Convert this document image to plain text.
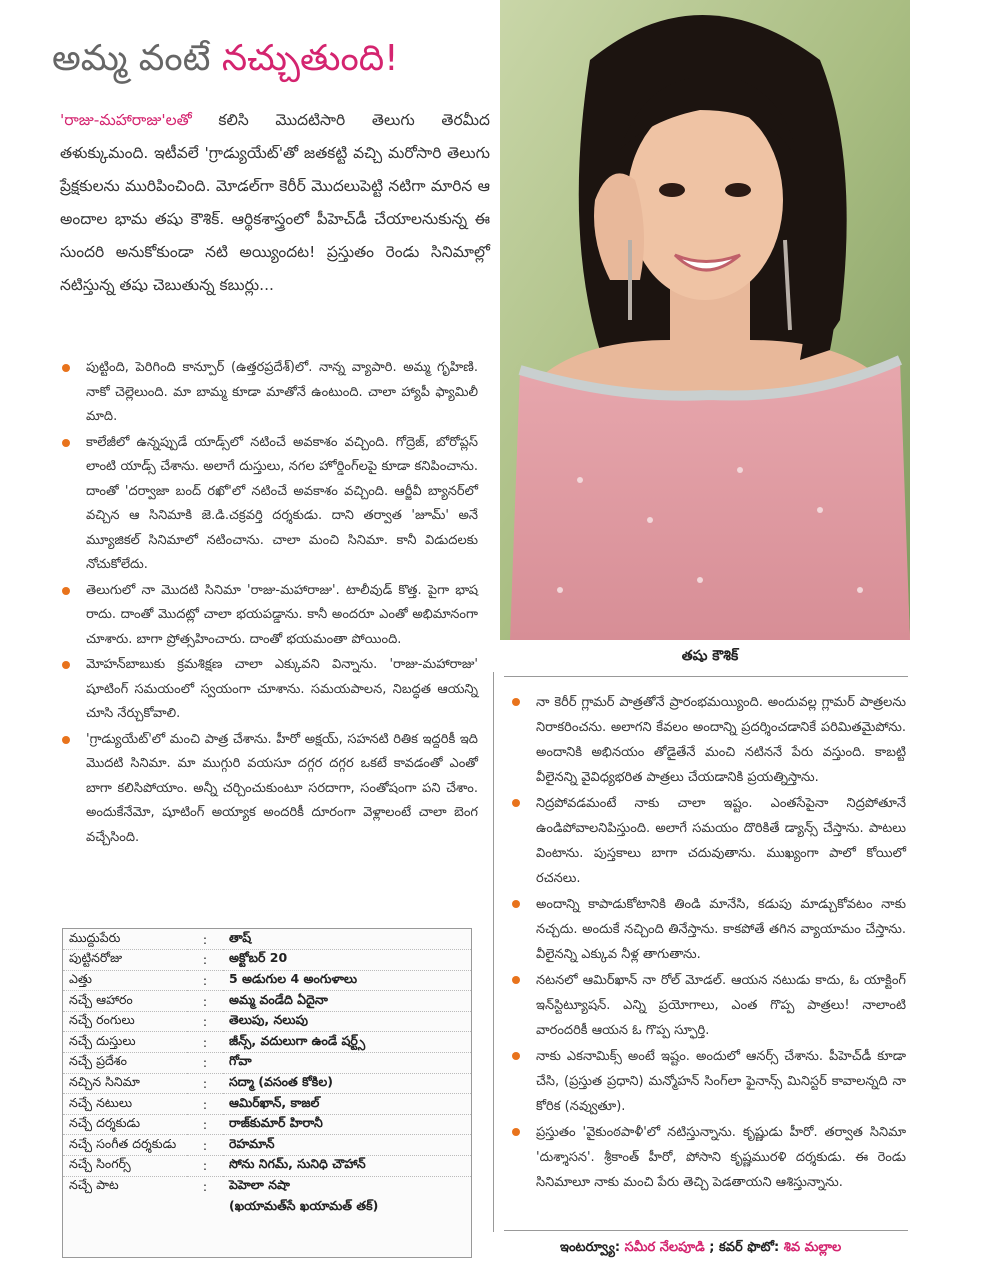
అమ్మ వంటే నచ్చుతుంది!

'రాజు-మహారాజు'లతో కలిసి మొదటిసారి తెలుగు తెరమీద తళుక్కుమంది. ఇటీవలే 'గ్రాడ్యుయేట్'తో జతకట్టి వచ్చి మరోసారి తెలుగు ప్రేక్షకులను మురిపించింది. మోడల్‌గా కెరీర్ మొదలుపెట్టి నటిగా మారిన ఆ అందాల భామ తషు కౌశిక్. ఆర్థికశాస్త్రంలో పీహెచ్‌డీ చేయాలనుకున్న ఈ సుందరి అనుకోకుండా నటి అయ్యిందట! ప్రస్తుతం రెండు సినిమాల్లో నటిస్తున్న తషు చెబుతున్న కబుర్లు...

తషు కౌశిక్
పుట్టింది, పెరిగింది కాన్పూర్ (ఉత్తరప్రదేశ్)లో. నాన్న వ్యాపారి. అమ్మ గృహిణి. నాకో చెల్లెలుంది. మా బామ్మ కూడా మాతోనే ఉంటుంది. చాలా హ్యాపీ ఫ్యామిలీ మాది.
కాలేజీలో ఉన్నప్పుడే యాడ్స్‌లో నటించే అవకాశం వచ్చింది. గోద్రెజ్, బోరోప్లస్ లాంటి యాడ్స్ చేశాను. అలాగే దుస్తులు, నగల హోర్డింగ్‌లపై కూడా కనిపించాను. దాంతో 'దర్వాజా బంద్ రఖో'లో నటించే అవకాశం వచ్చింది. ఆర్జీవీ బ్యానర్‌లో వచ్చిన ఆ సినిమాకి జె.డి.చక్రవర్తి దర్శకుడు. దాని తర్వాత 'జూమ్' అనే మ్యూజికల్ సినిమాలో నటించాను. చాలా మంచి సినిమా. కానీ విడుదలకు నోచుకోలేదు.
తెలుగులో నా మొదటి సినిమా 'రాజు-మహారాజు'. టాలీవుడ్ కొత్త. పైగా భాష రాదు. దాంతో మొదట్లో చాలా భయపడ్డాను. కానీ అందరూ ఎంతో అభిమానంగా చూశారు. బాగా ప్రోత్సహించారు. దాంతో భయమంతా పోయింది.
మోహన్‌బాబుకు క్రమశిక్షణ చాలా ఎక్కువని విన్నాను. 'రాజు-మహారాజు' షూటింగ్ సమయంలో స్వయంగా చూశాను. సమయపాలన, నిబద్ధత ఆయన్ని చూసి నేర్చుకోవాలి.
'గ్రాడ్యుయేట్'లో మంచి పాత్ర చేశాను. హీరో అక్షయ్, సహనటి రితిక ఇద్దరికీ ఇది మొదటి సినిమా. మా ముగ్గురి వయసూ దగ్గర దగ్గర ఒకటే కావడంతో ఎంతో బాగా కలిసిపోయాం. అన్నీ చర్చించుకుంటూ సరదాగా, సంతోషంగా పని చేశాం. అందుకేనేమో, షూటింగ్ అయ్యాక అందరికీ దూరంగా వెళ్లాలంటే చాలా బెంగ వచ్చేసింది.
నా కెరీర్ గ్లామర్ పాత్రతోనే ప్రారంభమయ్యింది. అందువల్ల గ్లామర్ పాత్రలను నిరాకరించను. అలాగని కేవలం అందాన్ని ప్రదర్శించడానికే పరిమితమైపోను. అందానికి అభినయం తోడైతేనే మంచి నటిననే పేరు వస్తుంది. కాబట్టి వీలైనన్ని వైవిధ్యభరిత పాత్రలు చేయడానికి ప్రయత్నిస్తాను.
నిద్రపోవడమంటే నాకు చాలా ఇష్టం. ఎంతసేపైనా నిద్రపోతూనే ఉండిపోవాలనిపిస్తుంది. అలాగే సమయం దొరికితే డ్యాన్స్ చేస్తాను. పాటలు వింటాను. పుస్తకాలు బాగా చదువుతాను. ముఖ్యంగా పాలో కోయిలో రచనలు.
అందాన్ని కాపాడుకోటానికి తిండి మానేసి, కడుపు మాడ్చుకోవటం నాకు నచ్చదు. అందుకే నచ్చింది తినేస్తాను. కాకపోతే తగిన వ్యాయామం చేస్తాను. వీలైనన్ని ఎక్కువ నీళ్ల తాగుతాను.
నటనలో ఆమిర్‌ఖాన్ నా రోల్ మోడల్. ఆయన నటుడు కాదు, ఓ యాక్టింగ్ ఇన్‌స్టిట్యూషన్. ఎన్ని ప్రయోగాలు, ఎంత గొప్ప పాత్రలు! నాలాంటి వారందరికీ ఆయన ఓ గొప్ప స్ఫూర్తి.
నాకు ఎకనామిక్స్ అంటే ఇష్టం. అందులో ఆనర్స్ చేశాను. పీహెచ్‌డీ కూడా చేసి, (ప్రస్తుత ప్రధాని) మన్మోహన్ సింగ్‌లా ఫైనాన్స్ మినిస్టర్ కావాలన్నది నా కోరిక (నవ్వుతూ).
ప్రస్తుతం 'వైకుంఠపాళీ'లో నటిస్తున్నాను. కృష్ణుడు హీరో. తర్వాత సినిమా 'దుశ్శాసన'. శ్రీకాంత్ హీరో, పోసాని కృష్ణమురళి దర్శకుడు. ఈ రెండు సినిమాలూ నాకు మంచి పేరు తెచ్చి పెడతాయని ఆశిస్తున్నాను.
ముద్దుపేరు	:	తాష్
పుట్టినరోజు	:	అక్టోబర్ 20
ఎత్తు	:	5 అడుగుల 4 అంగుళాలు
నచ్చే ఆహారం	:	అమ్మ వండేది ఏదైనా
నచ్చే రంగులు	:	తెలుపు, నలుపు
నచ్చే దుస్తులు	:	జీన్స్, వదులుగా ఉండే షర్ట్స్
నచ్చే ప్రదేశం	:	గోవా
నచ్చిన సినిమా	:	సద్మా (వసంత కోకిల)
నచ్చే నటులు	:	ఆమిర్‌ఖాన్, కాజల్
నచ్చే దర్శకుడు	:	రాజ్‌కుమార్ హిరానీ
నచ్చే సంగీత దర్శకుడు	:	రెహమాన్
నచ్చే సింగర్స్	:	సోను నిగమ్, సునిధి చౌహాన్
నచ్చే పాట	:	పెహెలా నషా
		(ఖయామత్‌సే ఖయామత్ తక్)
ఇంటర్వ్యూ: సమీర నేలపూడి ; కవర్ ఫొటో: శివ మల్లాల
